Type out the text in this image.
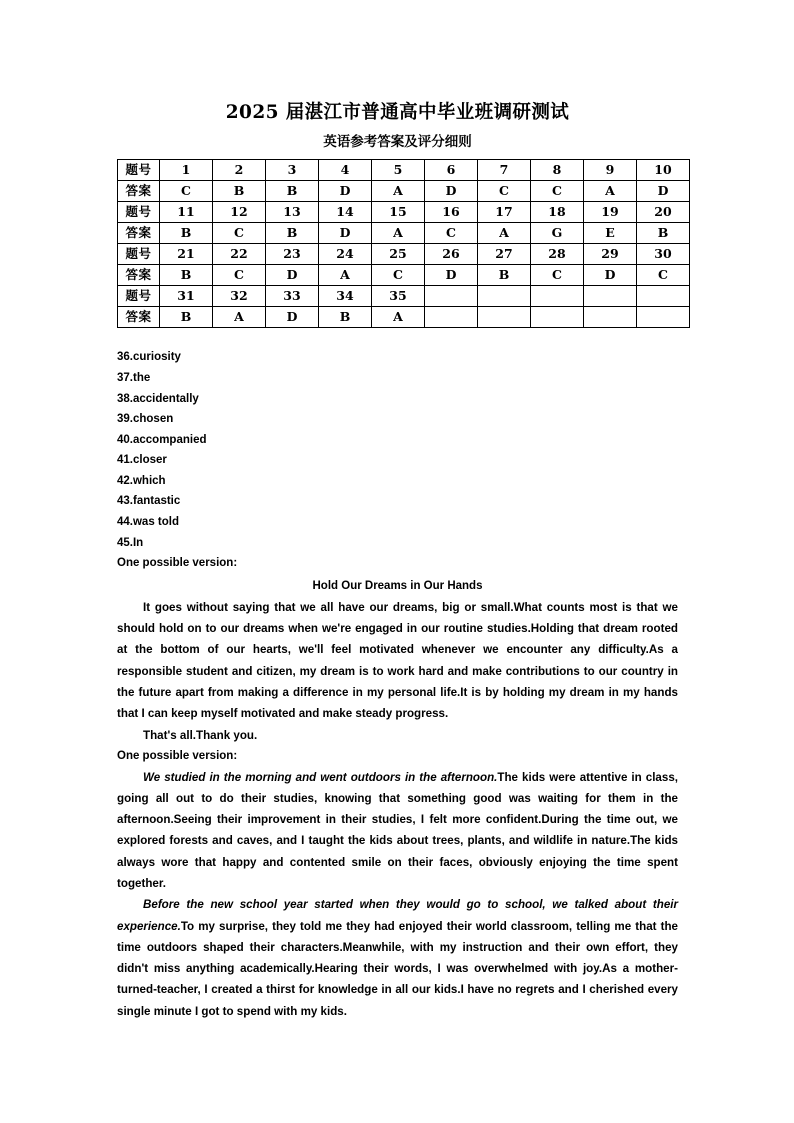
2025 届湛江市普通高中毕业班调研测试
英语参考答案及评分细则
题号	1	2	3	4	5	6	7	8	9	10
答案	C	B	B	D	A	D	C	C	A	D
题号	11	12	13	14	15	16	17	18	19	20
答案	B	C	B	D	A	C	A	G	E	B
题号	21	22	23	24	25	26	27	28	29	30
答案	B	C	D	A	C	D	B	C	D	C
题号	31	32	33	34	35					
答案	B	A	D	B	A					
36.curiosity
37.the
38.accidentally
39.chosen
40.accompanied
41.closer
42.which
43.fantastic
44.was told
45.In
One possible version:
Hold Our Dreams in Our Hands

It goes without saying that we all have our dreams, big or small.What counts most is that we should hold on to our dreams when we're engaged in our routine studies.Holding that dream rooted at the bottom of our hearts, we'll feel motivated whenever we encounter any difficulty.As a responsible student and citizen, my dream is to work hard and make contributions to our country in the future apart from making a difference in my personal life.It is by holding my dream in my hands that I can keep myself motivated and make steady progress.

That's all.Thank you.

One possible version:

We studied in the morning and went outdoors in the afternoon.The kids were attentive in class, going all out to do their studies, knowing that something good was waiting for them in the afternoon.Seeing their improvement in their studies, I felt more confident.During the time out, we explored forests and caves, and I taught the kids about trees, plants, and wildlife in nature.The kids always wore that happy and contented smile on their faces, obviously enjoying the time spent together.

Before the new school year started when they would go to school, we talked about their experience.To my surprise, they told me they had enjoyed their world classroom, telling me that the time outdoors shaped their characters.Meanwhile, with my instruction and their own effort, they didn't miss anything academically.Hearing their words, I was overwhelmed with joy.As a mother-turned-teacher, I created a thirst for knowledge in all our kids.I have no regrets and I cherished every single minute I got to spend with my kids.
